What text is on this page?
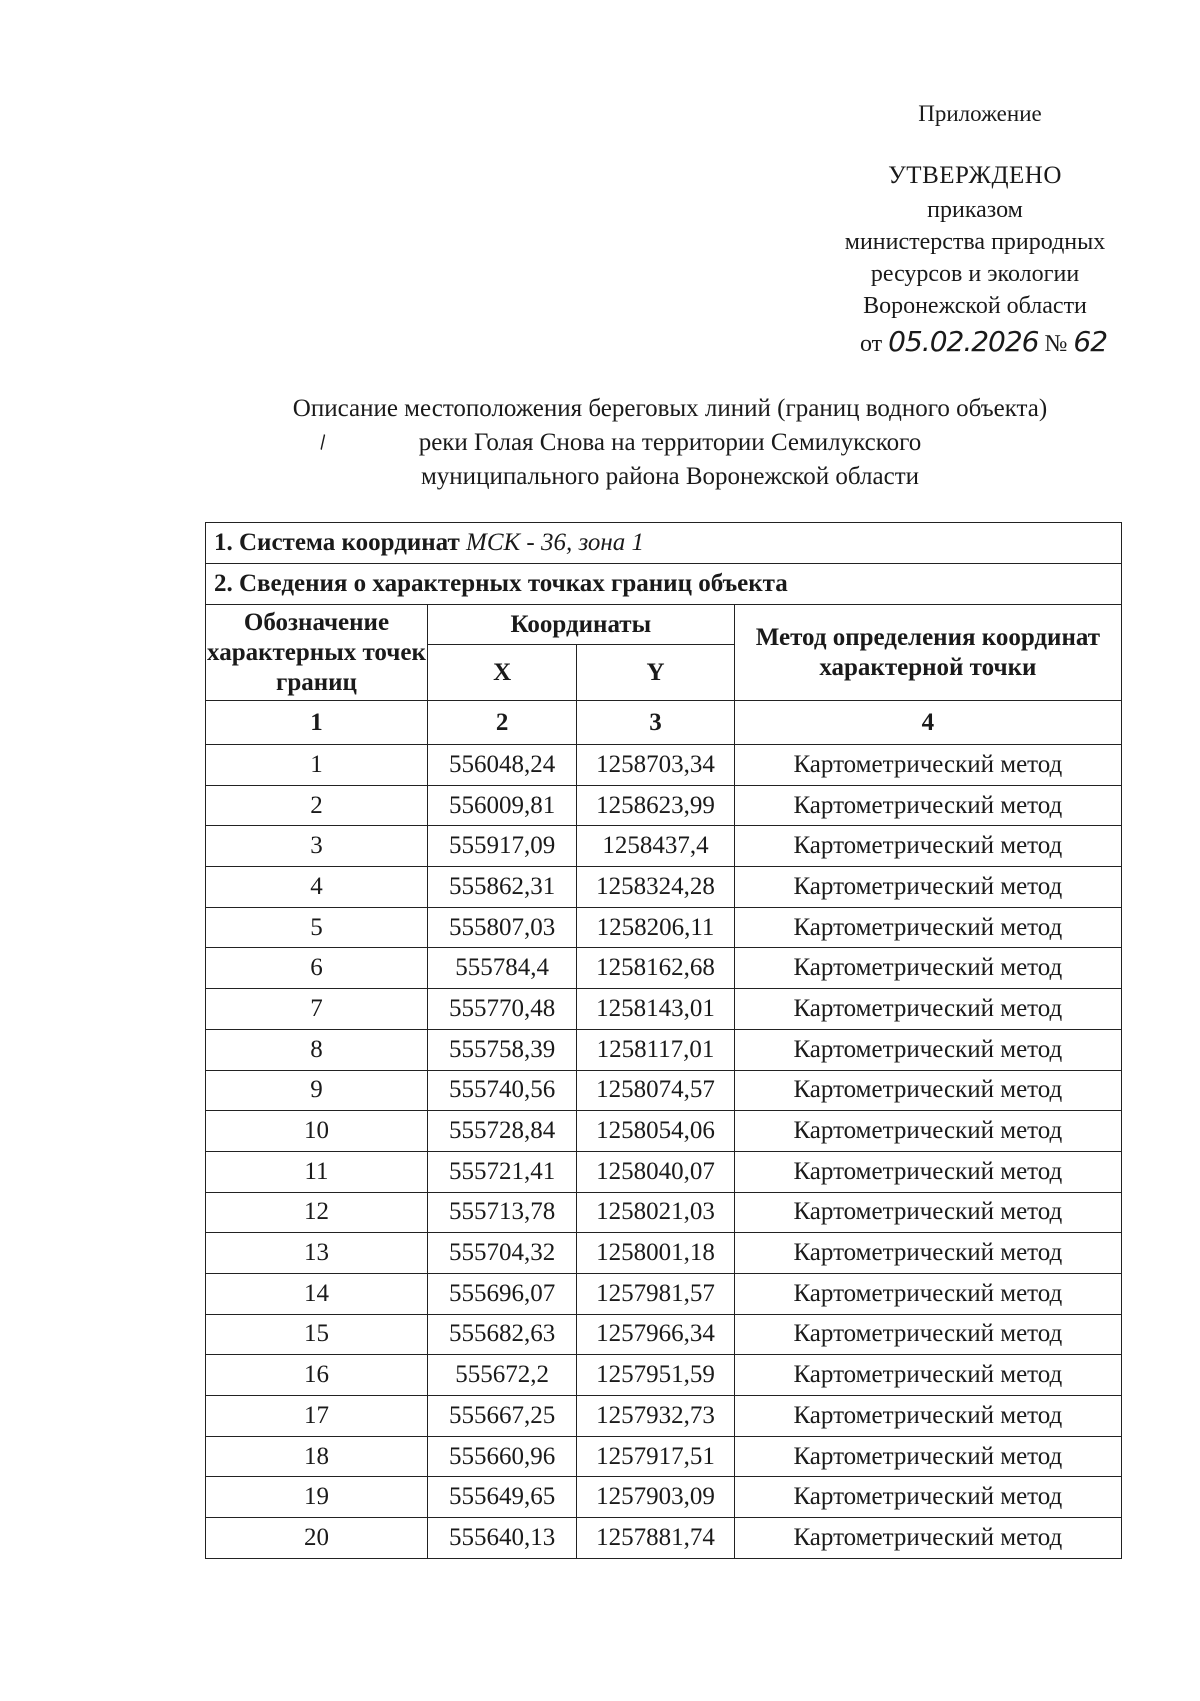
Приложение
УТВЕРЖДЕНО
приказом
министерства природных
ресурсов и экологии
Воронежской области
от 05.02.2026 № 62
Описание местоположения береговых линий (границ водного объекта)
реки Голая Снова на территории Семилукского
муниципального района Воронежской области
∖
1. Система координат МСК - 36, зона 1			
2. Сведения о характерных точках границ объекта			
Обозначение характерных точек границ	Координаты		Метод определения координат характерной точки
	X	Y	
1	2	3	4
1	556048,24	1258703,34	Картометрический метод
2	556009,81	1258623,99	Картометрический метод
3	555917,09	1258437,4	Картометрический метод
4	555862,31	1258324,28	Картометрический метод
5	555807,03	1258206,11	Картометрический метод
6	555784,4	1258162,68	Картометрический метод
7	555770,48	1258143,01	Картометрический метод
8	555758,39	1258117,01	Картометрический метод
9	555740,56	1258074,57	Картометрический метод
10	555728,84	1258054,06	Картометрический метод
11	555721,41	1258040,07	Картометрический метод
12	555713,78	1258021,03	Картометрический метод
13	555704,32	1258001,18	Картометрический метод
14	555696,07	1257981,57	Картометрический метод
15	555682,63	1257966,34	Картометрический метод
16	555672,2	1257951,59	Картометрический метод
17	555667,25	1257932,73	Картометрический метод
18	555660,96	1257917,51	Картометрический метод
19	555649,65	1257903,09	Картометрический метод
20	555640,13	1257881,74	Картометрический метод
